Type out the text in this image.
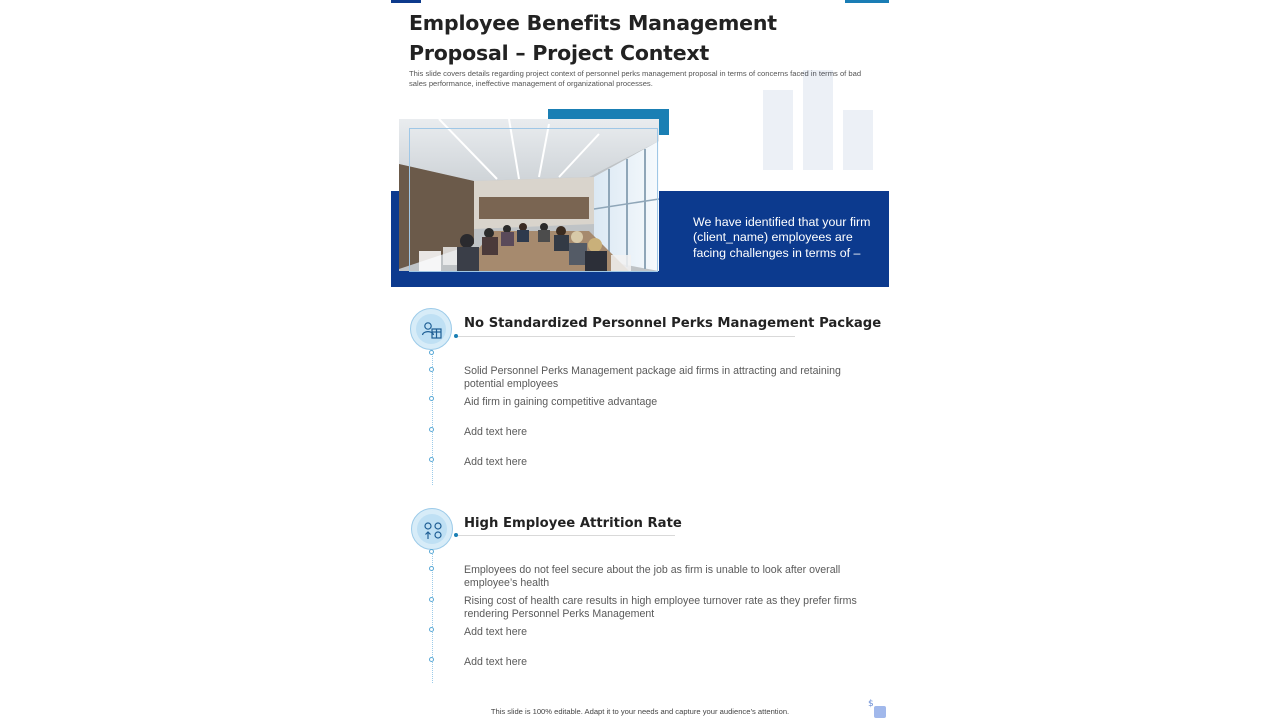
Employee Benefits Management Proposal – Project Context
This slide covers details regarding project context of personnel perks management proposal in terms of concerns faced in terms of bad sales performance, ineffective management of organizational processes.
We have identified that your firm (client_name) employees are facing challenges in terms of –
No Standardized Personnel Perks Management Package
Solid Personnel Perks Management package aid firms in attracting and retaining potential employees
Aid firm in gaining competitive advantage
Add text here
Add text here
High Employee Attrition Rate
Employees do not feel secure about the job as firm is unable to look after overall employee’s health
Rising cost of health care results in high employee turnover rate as they prefer firms rendering Personnel Perks Management
Add text here
Add text here
This slide is 100% editable. Adapt it to your needs and capture your audience’s attention.
$
